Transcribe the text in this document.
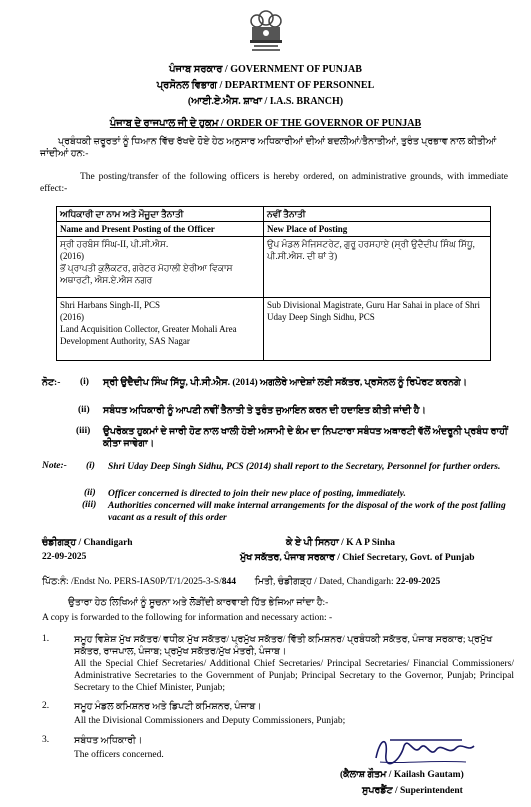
ਪੰਜਾਬ ਸਰਕਾਰ / GOVERNMENT OF PUNJAB
ਪ੍ਰਸੋਨਲ ਵਿਭਾਗ / DEPARTMENT OF PERSONNEL
(ਆਈ.ਏ.ਐਸ. ਸ਼ਾਖਾ / I.A.S. BRANCH)
ਪੰਜਾਬ ਦੇ ਰਾਜਪਾਲ ਜੀ ਦੇ ਹੁਕਮ / ORDER OF THE GOVERNOR OF PUNJAB
ਪ੍ਰਬੰਧਕੀ ਜ਼ਰੂਰਤਾਂ ਨੂੰ ਧਿਆਨ ਵਿੱਚ ਰੱਖਦੇ ਹੋਏ ਹੇਠ ਅਨੁਸਾਰ ਅਧਿਕਾਰੀਆਂ ਦੀਆਂ ਬਦਲੀਆਂ/ਤੈਨਾਤੀਆਂ, ਤੁਰੰਤ ਪ੍ਰਭਾਵ ਨਾਲ ਕੀਤੀਆਂ ਜਾਂਦੀਆਂ ਹਨ:-
The posting/transfer of the following officers is hereby ordered, on administrative grounds, with immediate effect:-
ਅਧਿਕਾਰੀ ਦਾ ਨਾਮ ਅਤੇ ਮੌਜੂਦਾ ਤੈਨਾਤੀ	ਨਵੀਂ ਤੈਨਾਤੀ
Name and Present Posting of the Officer	New Place of Posting

ਸ੍ਰੀ ਹਰਬੰਸ ਸਿੰਘ-II, ਪੀ.ਸੀ.ਐਸ.
(2016)
ਭੋਂ ਪ੍ਰਾਪਤੀ ਕੁਲੈਕਟਰ, ਗਰੇਟਰ ਮੋਹਾਲੀ ਏਰੀਆ ਵਿਕਾਸ ਅਥਾਰਟੀ, ਐਸ.ਏ.ਐਸ ਨਗਰ	ਉਪ ਮੰਡਲ ਮੈਜਿਸਟਰੇਟ, ਗੁਰੂ ਹਰਸਹਾਏ (ਸ੍ਰੀ ਉਦੈਦੀਪ ਸਿੰਘ ਸਿੱਧੂ, ਪੀ.ਸੀ.ਐਸ. ਦੀ ਥਾਂ ਤੇ)

Shri Harbans Singh-II, PCS
(2016)
Land Acquisition Collector, Greater Mohali Area Development Authority, SAS Nagar	Sub Divisional Magistrate, Guru Har Sahai in place of Shri Uday Deep Singh Sidhu, PCS
ਨੋਟ:- (i) ਸ੍ਰੀ ਉਦੈਦੀਪ ਸਿੰਘ ਸਿੱਧੂ, ਪੀ.ਸੀ.ਐਸ. (2014) ਅਗਲੇਰੇ ਆਦੇਸ਼ਾਂ ਲਈ ਸਕੱਤਰ, ਪ੍ਰਸੋਨਲ ਨੂੰ ਰਿਪੋਰਟ ਕਰਨਗੇ।
(ii) ਸਬੰਧਤ ਅਧਿਕਾਰੀ ਨੂੰ ਆਪਣੀ ਨਵੀਂ ਤੈਨਾਤੀ ਤੇ ਤੁਰੰਤ ਜੁਆਇਨ ਕਰਨ ਦੀ ਹਦਾਇਤ ਕੀਤੀ ਜਾਂਦੀ ਹੈ।
(iii) ਉਪਰੋਕਤ ਹੁਕਮਾਂ ਦੇ ਜਾਰੀ ਹੋਣ ਨਾਲ ਖਾਲੀ ਹੋਈ ਅਸਾਮੀ ਦੇ ਕੰਮ ਦਾ ਨਿਪਟਾਰਾ ਸਬੰਧਤ ਅਥਾਰਟੀ ਵੱਲੋਂ ਅੰਦਰੂਨੀ ਪ੍ਰਬੰਧ ਰਾਹੀਂ ਕੀਤਾ ਜਾਵੇਗਾ।
Note:- (i) Shri Uday Deep Singh Sidhu, PCS (2014) shall report to the Secretary, Personnel for further orders.
(ii) Officer concerned is directed to join their new place of posting, immediately.
(iii) Authorities concerned will make internal arrangements for the disposal of the work of the post falling vacant as a result of this order
ਚੰਡੀਗੜ੍ਹ / Chandigarh
22-09-2025
ਕੇ ਏ ਪੀ ਸਿਨਹਾ / K A P Sinha
ਮੁੱਖ ਸਕੱਤਰ, ਪੰਜਾਬ ਸਰਕਾਰ / Chief Secretary, Govt. of Punjab
ਪਿੱਠ:ਨੰ: /Endst No. PERS-IAS0P/T/1/2025-3-S/844 ਮਿਤੀ, ਚੰਡੀਗੜ੍ਹ / Dated, Chandigarh: 22-09-2025
ਉਤਾਰਾ ਹੇਠ ਲਿਖਿਆਂ ਨੂੰ ਸੂਚਨਾ ਅਤੇ ਲੋੜੀਂਦੀ ਕਾਰਵਾਈ ਹਿੱਤ ਭੇਜਿਆ ਜਾਂਦਾ ਹੈ:-
A copy is forwarded to the following for information and necessary action: -
1.	ਸਮੂਹ ਵਿਸ਼ੇਸ਼ ਮੁੱਖ ਸਕੱਤਰ/ ਵਧੀਕ ਮੁੱਖ ਸਕੱਤਰ/ ਪ੍ਰਮੁੱਖ ਸਕੱਤਰ/ ਵਿੱਤੀ ਕਮਿਸ਼ਨਰ/ ਪ੍ਰਬੰਧਕੀ ਸਕੱਤਰ, ਪੰਜਾਬ ਸਰਕਾਰ; ਪ੍ਰਮੁੱਖ ਸਕੱਤਰ, ਰਾਜਪਾਲ, ਪੰਜਾਬ; ਪ੍ਰਮੁੱਖ ਸਕੱਤਰ/ਮੁੱਖ ਮੰਤਰੀ, ਪੰਜਾਬ।
All the Special Chief Secretaries/ Additional Chief Secretaries/ Principal Secretaries/ Financial Commissioners/ Administrative Secretaries to the Government of Punjab; Principal Secretary to the Governor, Punjab; Principal Secretary to the Chief Minister, Punjab;
2.	ਸਮੂਹ ਮੰਡਲ ਕਮਿਸ਼ਨਰ ਅਤੇ ਡਿਪਟੀ ਕਮਿਸ਼ਨਰ, ਪੰਜਾਬ।
All the Divisional Commissioners and Deputy Commissioners, Punjab;
3.	ਸਬੰਧਤ ਅਧਿਕਾਰੀ।
The officers concerned.
(ਕੈਲਾਸ਼ ਗੌਤਮ / Kailash Gautam)
ਸੁਪਰਡੈਂਟ / Superintendent
